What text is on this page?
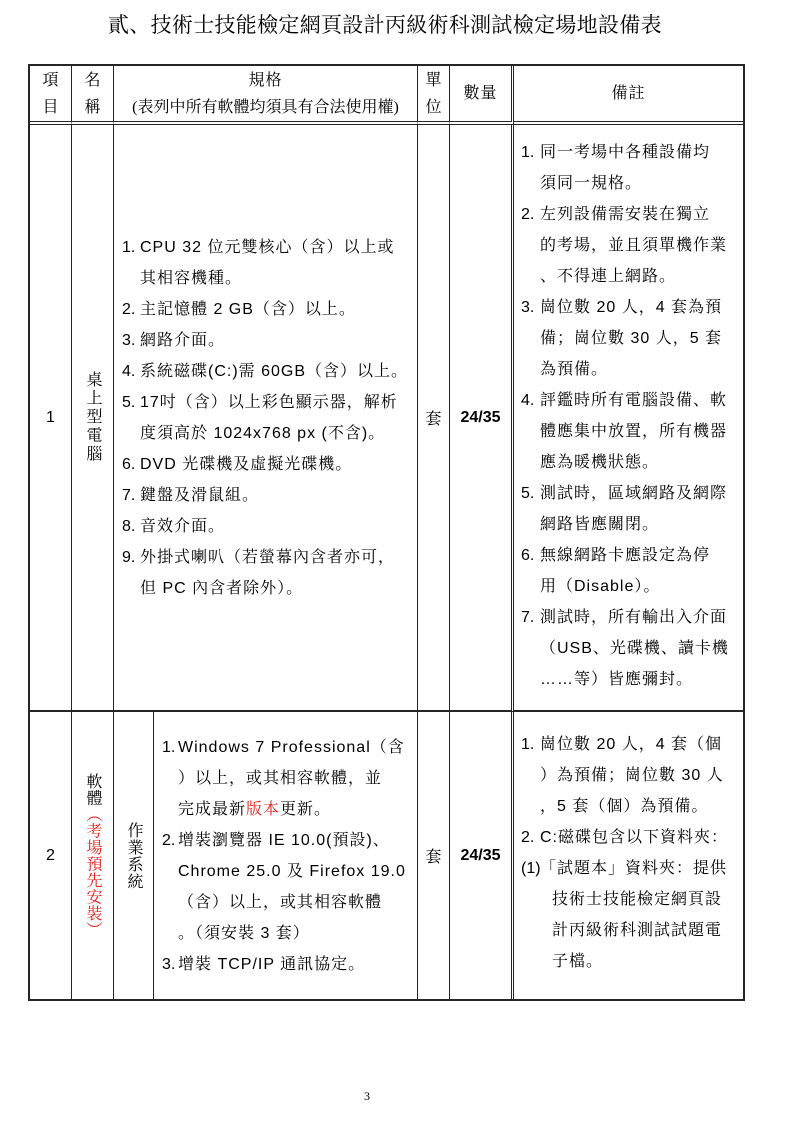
貳、技術士技能檢定網頁設計丙級術科測試檢定場地設備表
項目
名稱
規格
(表列中所有軟體均須具有合法使用權)
單位
數量	備註
1 桌上型電腦
1. CPU 32 位元雙核心（含）以上或
其相容機種。
2. 主記憶體 2 GB（含）以上。
3. 網路介面。
4. 系統磁碟(C:)需 60GB（含）以上。
5. 17吋（含）以上彩色顯示器，解析
度須高於 1024x768 px (不含)。
6. DVD 光碟機及虛擬光碟機。
7. 鍵盤及滑鼠組。
8. 音效介面。
9. 外掛式喇叭（若螢幕內含者亦可，
但 PC 內含者除外）。
套 24/35
1. 同一考場中各種設備均
須同一規格。
2. 左列設備需安裝在獨立
的考場，並且須單機作業
、不得連上網路。
3. 崗位數 20 人，4 套為預
備；崗位數 30 人，5 套
為預備。
4. 評鑑時所有電腦設備、軟
體應集中放置，所有機器
應為暖機狀態。
5. 測試時，區域網路及網際
網路皆應關閉。
6. 無線網路卡應設定為停
用（Disable）。
7. 測試時，所有輸出入介面
（USB、光碟機、讀卡機
……等）皆應彌封。
2
軟體（考場預先安裝） 作業系統
1. Windows 7 Professional（含
）以上，或其相容軟體，並
完成最新版本更新。
2. 增裝瀏覽器 IE 10.0(預設)、
Chrome 25.0 及 Firefox 19.0
（含）以上，或其相容軟體
。（須安裝 3 套）
3. 增裝 TCP/IP 通訊協定。
套 24/35
1. 崗位數 20 人，4 套（個
）為預備；崗位數 30 人
，5 套（個）為預備。
2. C:磁碟包含以下資料夾：
(1)「試題本」資料夾：提供
技術士技能檢定網頁設
計丙級術科測試試題電
子檔。
3
